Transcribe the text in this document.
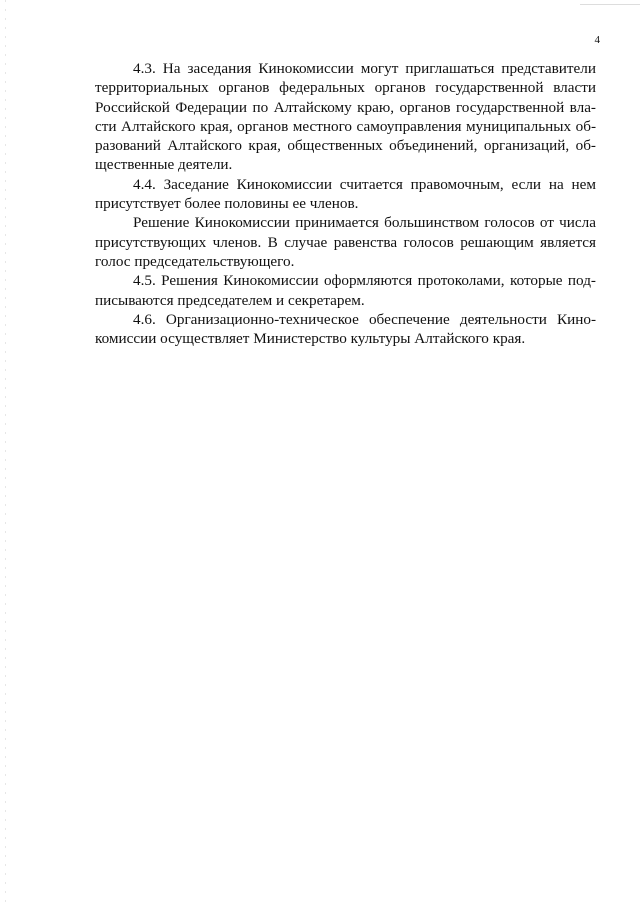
4
4.3. На заседания Кинокомиссии могут приглашаться представители
территориальных органов федеральных органов государственной власти
Российской Федерации по Алтайскому краю, органов государственной вла-
сти Алтайского края, органов местного самоуправления муниципальных об-
разований Алтайского края, общественных объединений, организаций, об-
щественные деятели.
4.4. Заседание Кинокомиссии считается правомочным, если на нем
присутствует более половины ее членов.
Решение Кинокомиссии принимается большинством голосов от числа
присутствующих членов. В случае равенства голосов решающим является
голос председательствующего.
4.5. Решения Кинокомиссии оформляются протоколами, которые под-
писываются председателем и секретарем.
4.6. Организационно-техническое обеспечение деятельности Кино-
комиссии осуществляет Министерство культуры Алтайского края.
